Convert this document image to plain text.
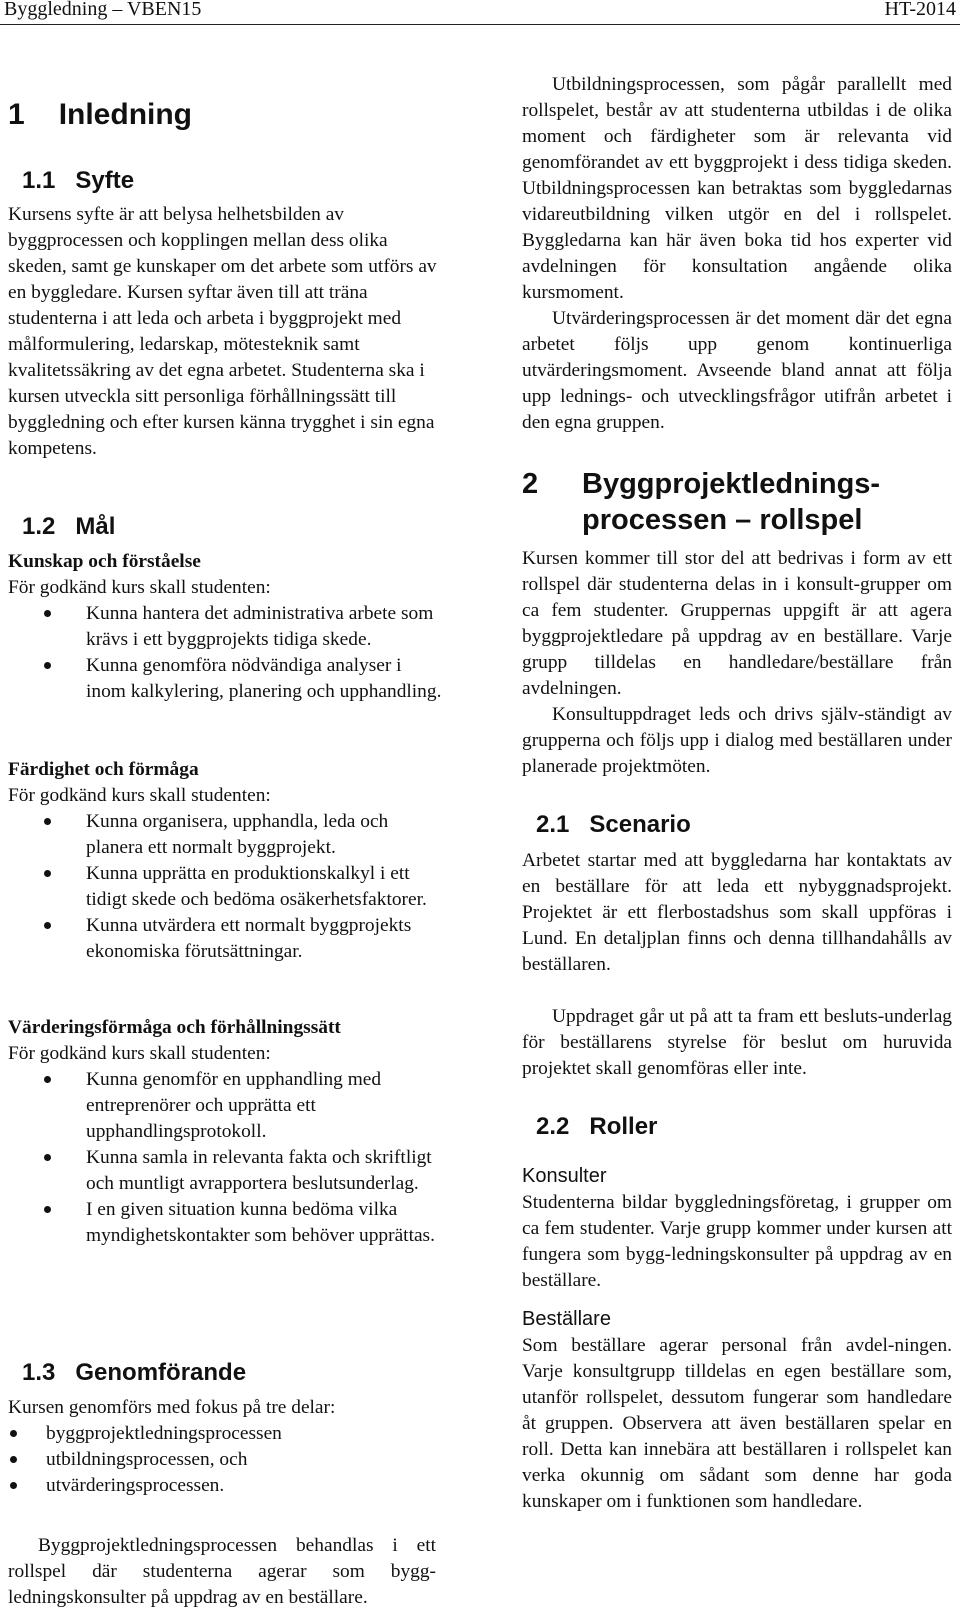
Byggledning – VBEN15	HT-2014
1 Inledning
1.1 Syfte

Kursens syfte är att belysa helhetsbilden av byggprocessen och kopplingen mellan dess olika skeden, samt ge kunskaper om det arbete som utförs av en byggledare. Kursen syftar även till att träna studenterna i att leda och arbeta i byggprojekt med målformulering, ledarskap, mötesteknik samt kvalitetssäkring av det egna arbetet. Studenterna ska i kursen utveckla sitt personliga förhållningssätt till byggledning och efter kursen känna trygghet i sin egna kompetens.

1.2 Mål
Kunskap och förståelse
För godkänd kurs skall studenten:
Kunna hantera det administrativa arbete som krävs i ett byggprojekts tidiga skede.
Kunna genomföra nödvändiga analyser i inom kalkylering, planering och upphandling.
Färdighet och förmåga
För godkänd kurs skall studenten:
Kunna organisera, upphandla, leda och planera ett normalt byggprojekt.
Kunna upprätta en produktionskalkyl i ett tidigt skede och bedöma osäkerhetsfaktorer.
Kunna utvärdera ett normalt byggprojekts ekonomiska förutsättningar.
Värderingsförmåga och förhållningssätt
För godkänd kurs skall studenten:
Kunna genomför en upphandling med entreprenörer och upprätta ett upphandlingsprotokoll.
Kunna samla in relevanta fakta och skriftligt och muntligt avrapportera beslutsunderlag.
I en given situation kunna bedöma vilka myndighetskontakter som behöver upprättas.
1.3 Genomförande
Kursen genomförs med fokus på tre delar:
byggprojektledningsprocessen
utbildningsprocessen, och
utvärderingsprocessen.

Byggprojektledningsprocessen behandlas i ett rollspel där studenterna agerar som bygg-ledningskonsulter på uppdrag av en beställare.

Utbildningsprocessen, som pågår parallellt med rollspelet, består av att studenterna utbildas i de olika moment och färdigheter som är relevanta vid genomförandet av ett byggprojekt i dess tidiga skeden. Utbildningsprocessen kan betraktas som byggledarnas vidareutbildning vilken utgör en del i rollspelet. Byggledarna kan här även boka tid hos experter vid avdelningen för konsultation angående olika kursmoment.

Utvärderingsprocessen är det moment där det egna arbetet följs upp genom kontinuerliga utvärderingsmoment. Avseende bland annat att följa upp lednings- och utvecklingsfrågor utifrån arbetet i den egna gruppen.

2 Byggprojektlednings-
processen – rollspel

Kursen kommer till stor del att bedrivas i form av ett rollspel där studenterna delas in i konsult-grupper om ca fem studenter. Gruppernas uppgift är att agera byggprojektledare på uppdrag av en beställare. Varje grupp tilldelas en handledare/beställare från avdelningen.

Konsultuppdraget leds och drivs själv-ständigt av grupperna och följs upp i dialog med beställaren under planerade projektmöten.

2.1 Scenario

Arbetet startar med att byggledarna har kontaktats av en beställare för att leda ett nybyggnadsprojekt. Projektet är ett flerbostadshus som skall uppföras i Lund. En detaljplan finns och denna tillhandahålls av beställaren.

Uppdraget går ut på att ta fram ett besluts-underlag för beställarens styrelse för beslut om huruvida projektet skall genomföras eller inte.

2.2 Roller
Konsulter

Studenterna bildar byggledningsföretag, i grupper om ca fem studenter. Varje grupp kommer under kursen att fungera som bygg-ledningskonsulter på uppdrag av en beställare.

Beställare

Som beställare agerar personal från avdel-ningen. Varje konsultgrupp tilldelas en egen beställare som, utanför rollspelet, dessutom fungerar som handledare åt gruppen. Observera att även beställaren spelar en roll. Detta kan innebära att beställaren i rollspelet kan verka okunnig om sådant som denne har goda kunskaper om i funktionen som handledare.
